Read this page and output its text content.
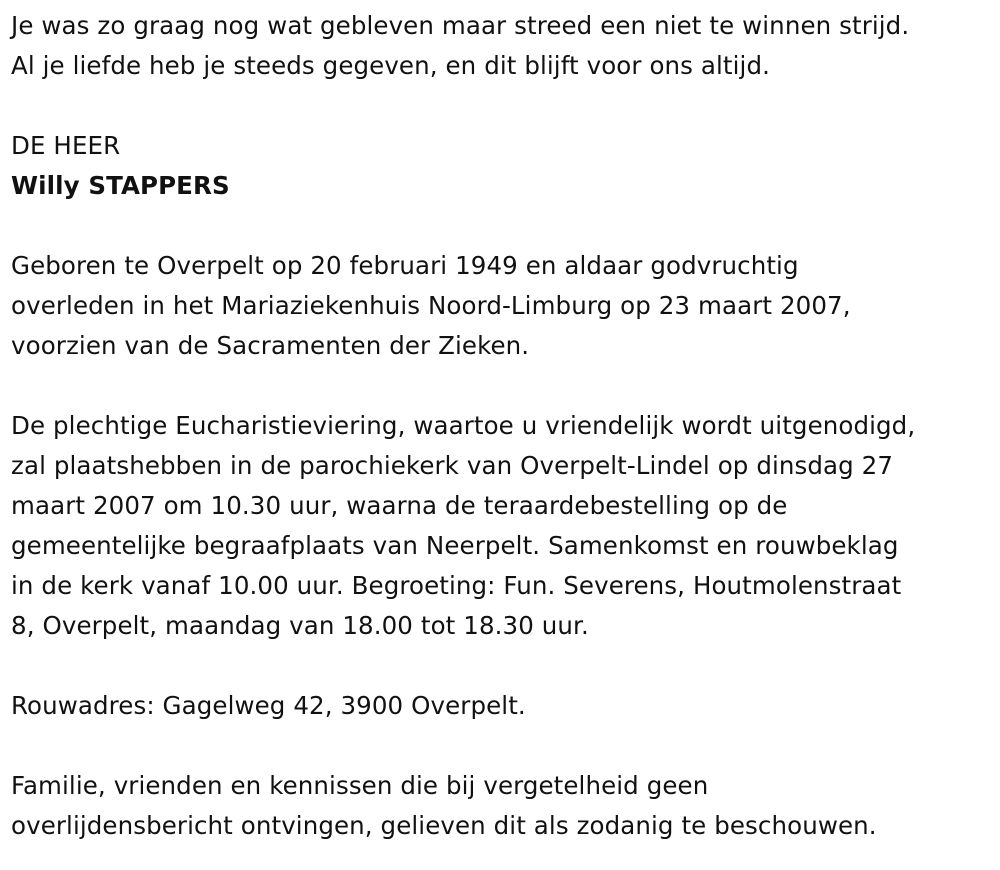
Je was zo graag nog wat gebleven maar streed een niet te winnen strijd.
Al je liefde heb je steeds gegeven, en dit blijft voor ons altijd.
DE HEER
Willy STAPPERS
Geboren te Overpelt op 20 februari 1949 en aldaar godvruchtig
overleden in het Mariaziekenhuis Noord-Limburg op 23 maart 2007,
voorzien van de Sacramenten der Zieken.
De plechtige Eucharistieviering, waartoe u vriendelijk wordt uitgenodigd,
zal plaatshebben in de parochiekerk van Overpelt-Lindel op dinsdag 27
maart 2007 om 10.30 uur, waarna de teraardebestelling op de
gemeentelijke begraafplaats van Neerpelt. Samenkomst en rouwbeklag
in de kerk vanaf 10.00 uur. Begroeting: Fun. Severens, Houtmolenstraat
8, Overpelt, maandag van 18.00 tot 18.30 uur.
Rouwadres: Gagelweg 42, 3900 Overpelt.
Familie, vrienden en kennissen die bij vergetelheid geen
overlijdensbericht ontvingen, gelieven dit als zodanig te beschouwen.
